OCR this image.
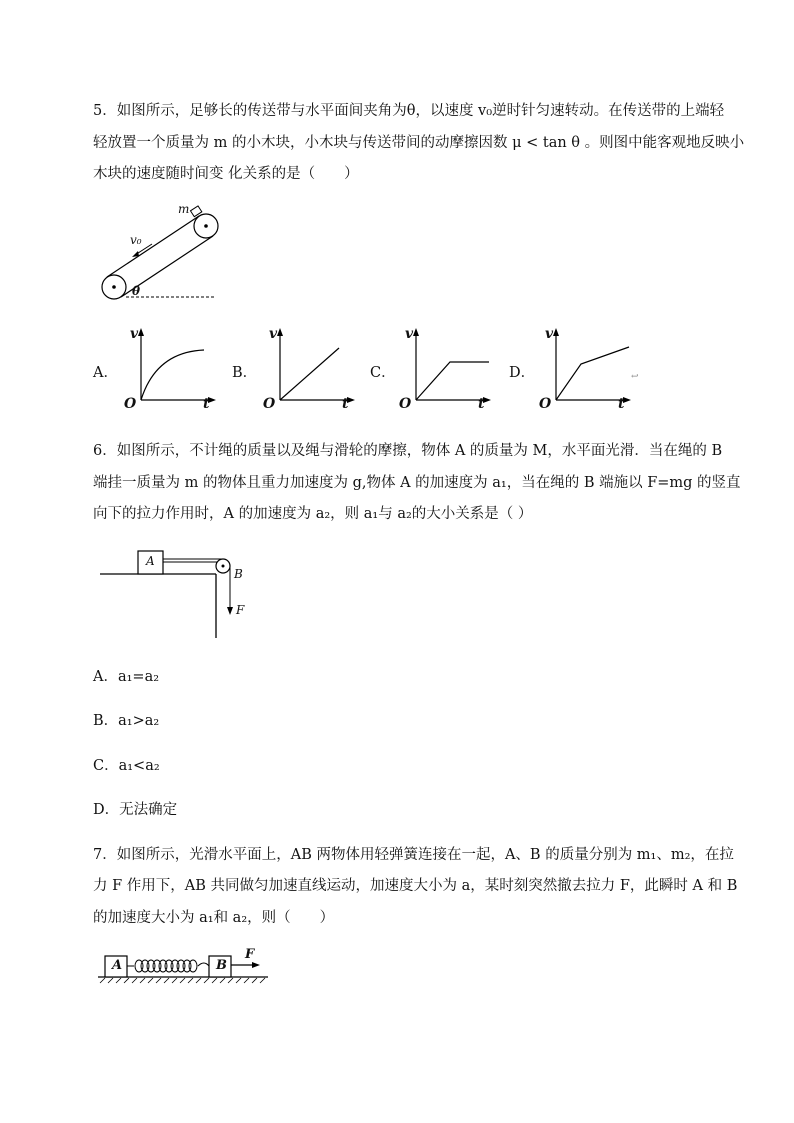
5．如图所示，足够长的传送带与水平面间夹角为θ，以速度 v₀逆时针匀速转动。在传送带的上端轻
轻放置一个质量为 m 的小木块，小木块与传送带间的动摩擦因数 μ < tan θ 。则图中能客观地反映小
木块的速度随时间变 化关系的是（　　）
m
v₀
θ
A．
v
O	t
B．
v
O	t
C．
v
O	t
D．
v
O	t
↩
6．如图所示，不计绳的质量以及绳与滑轮的摩擦，物体 A 的质量为 M，水平面光滑．当在绳的 B
端挂一质量为 m 的物体且重力加速度为 g,物体 A 的加速度为 a₁，当在绳的 B 端施以 F=mg 的竖直
向下的拉力作用时，A 的加速度为 a₂，则 a₁与 a₂的大小关系是（ ）
A
B
F
A．a₁=a₂
B．a₁>a₂
C．a₁<a₂
D．无法确定
7．如图所示，光滑水平面上，AB 两物体用轻弹簧连接在一起，A、B 的质量分别为 m₁、m₂，在拉
力 F 作用下，AB 共同做匀加速直线运动，加速度大小为 a，某时刻突然撤去拉力 F，此瞬时 A 和 B
的加速度大小为 a₁和 a₂，则（　　）
A	B
F
